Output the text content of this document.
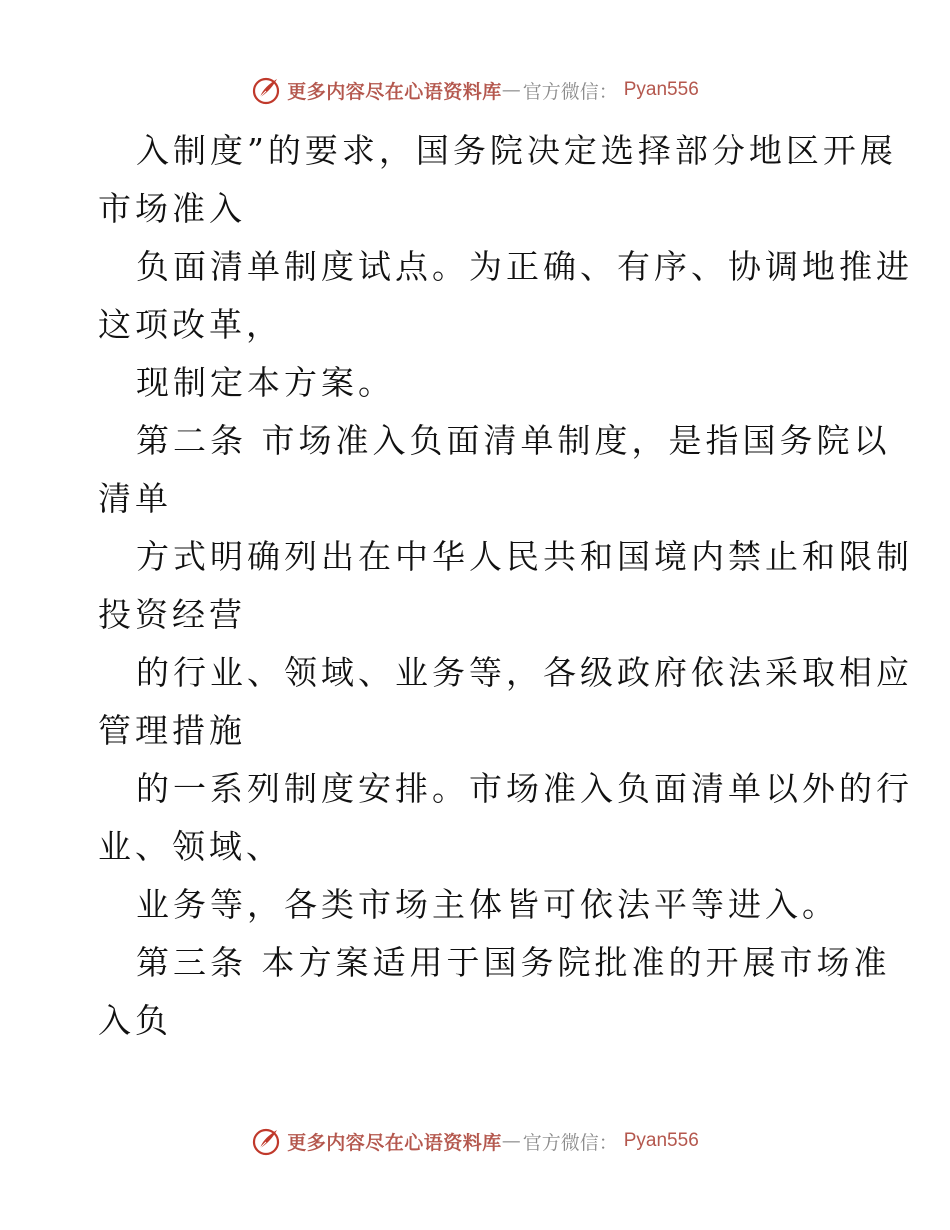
更多内容尽在心语资料库 — 官方微信： Pyan556
入制度”的要求，国务院决定选择部分地区开展
市场准入
负面清单制度试点。为正确、有序、协调地推进
这项改革，
现制定本方案。
第二条 市场准入负面清单制度，是指国务院以
清单
方式明确列出在中华人民共和国境内禁止和限制
投资经营
的行业、领域、业务等，各级政府依法采取相应
管理措施
的一系列制度安排。市场准入负面清单以外的行
业、领域、
业务等，各类市场主体皆可依法平等进入。
第三条 本方案适用于国务院批准的开展市场准
入负
更多内容尽在心语资料库 — 官方微信： Pyan556
